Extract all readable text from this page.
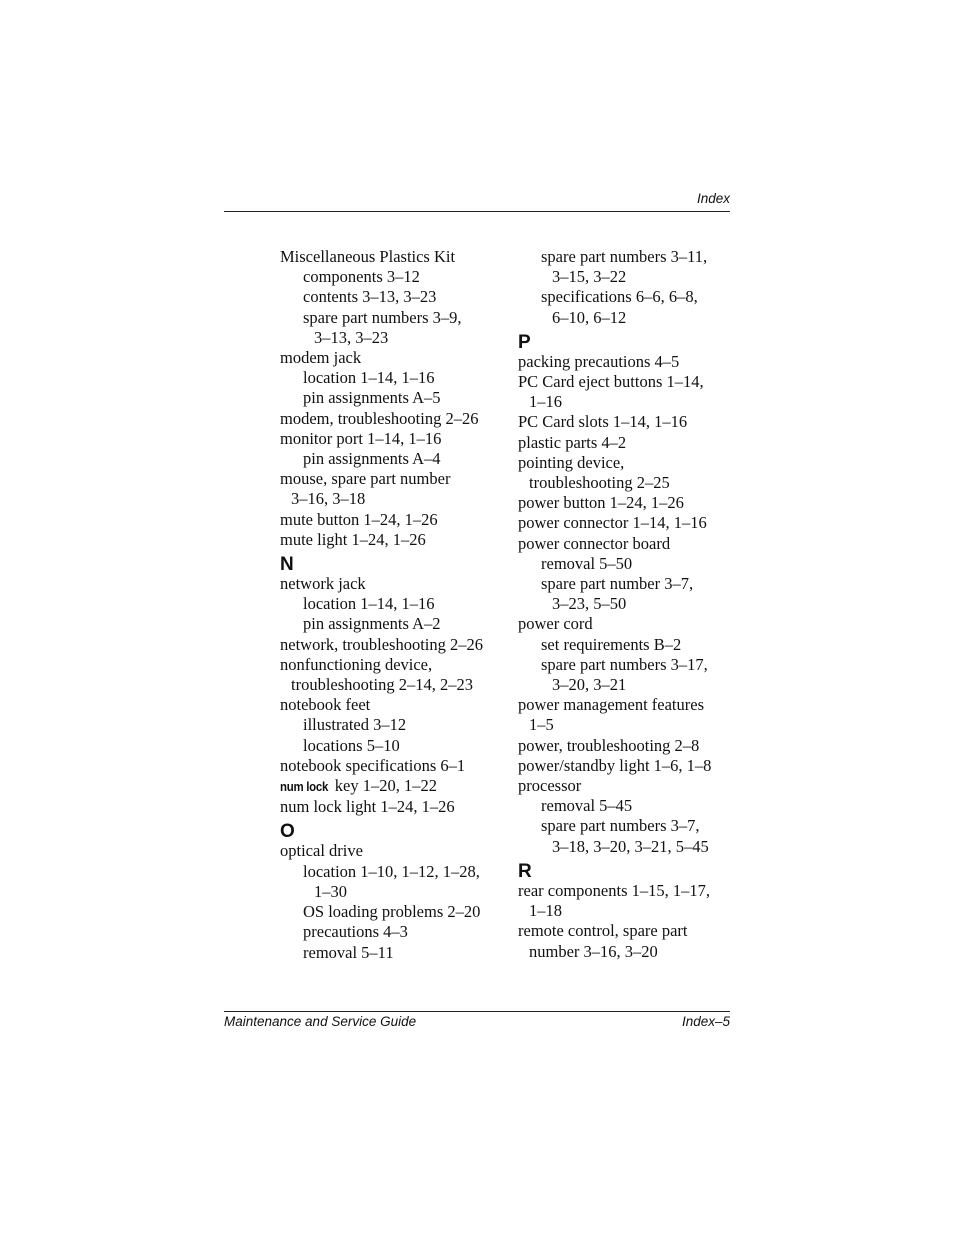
Index
Miscellaneous Plastics Kit
components 3–12
contents 3–13, 3–23
spare part numbers 3–9,
3–13, 3–23
modem jack
location 1–14, 1–16
pin assignments A–5
modem, troubleshooting 2–26
monitor port 1–14, 1–16
pin assignments A–4
mouse, spare part number
3–16, 3–18
mute button 1–24, 1–26
mute light 1–24, 1–26
N
network jack
location 1–14, 1–16
pin assignments A–2
network, troubleshooting 2–26
nonfunctioning device,
troubleshooting 2–14, 2–23
notebook feet
illustrated 3–12
locations 5–10
notebook specifications 6–1
num lock key 1–20, 1–22
num lock light 1–24, 1–26
O
optical drive
location 1–10, 1–12, 1–28,
1–30
OS loading problems 2–20
precautions 4–3
removal 5–11
spare part numbers 3–11,
3–15, 3–22
specifications 6–6, 6–8,
6–10, 6–12
P
packing precautions 4–5
PC Card eject buttons 1–14,
1–16
PC Card slots 1–14, 1–16
plastic parts 4–2
pointing device,
troubleshooting 2–25
power button 1–24, 1–26
power connector 1–14, 1–16
power connector board
removal 5–50
spare part number 3–7,
3–23, 5–50
power cord
set requirements B–2
spare part numbers 3–17,
3–20, 3–21
power management features
1–5
power, troubleshooting 2–8
power/standby light 1–6, 1–8
processor
removal 5–45
spare part numbers 3–7,
3–18, 3–20, 3–21, 5–45
R
rear components 1–15, 1–17,
1–18
remote control, spare part
number 3–16, 3–20
Maintenance and Service Guide	Index–5
